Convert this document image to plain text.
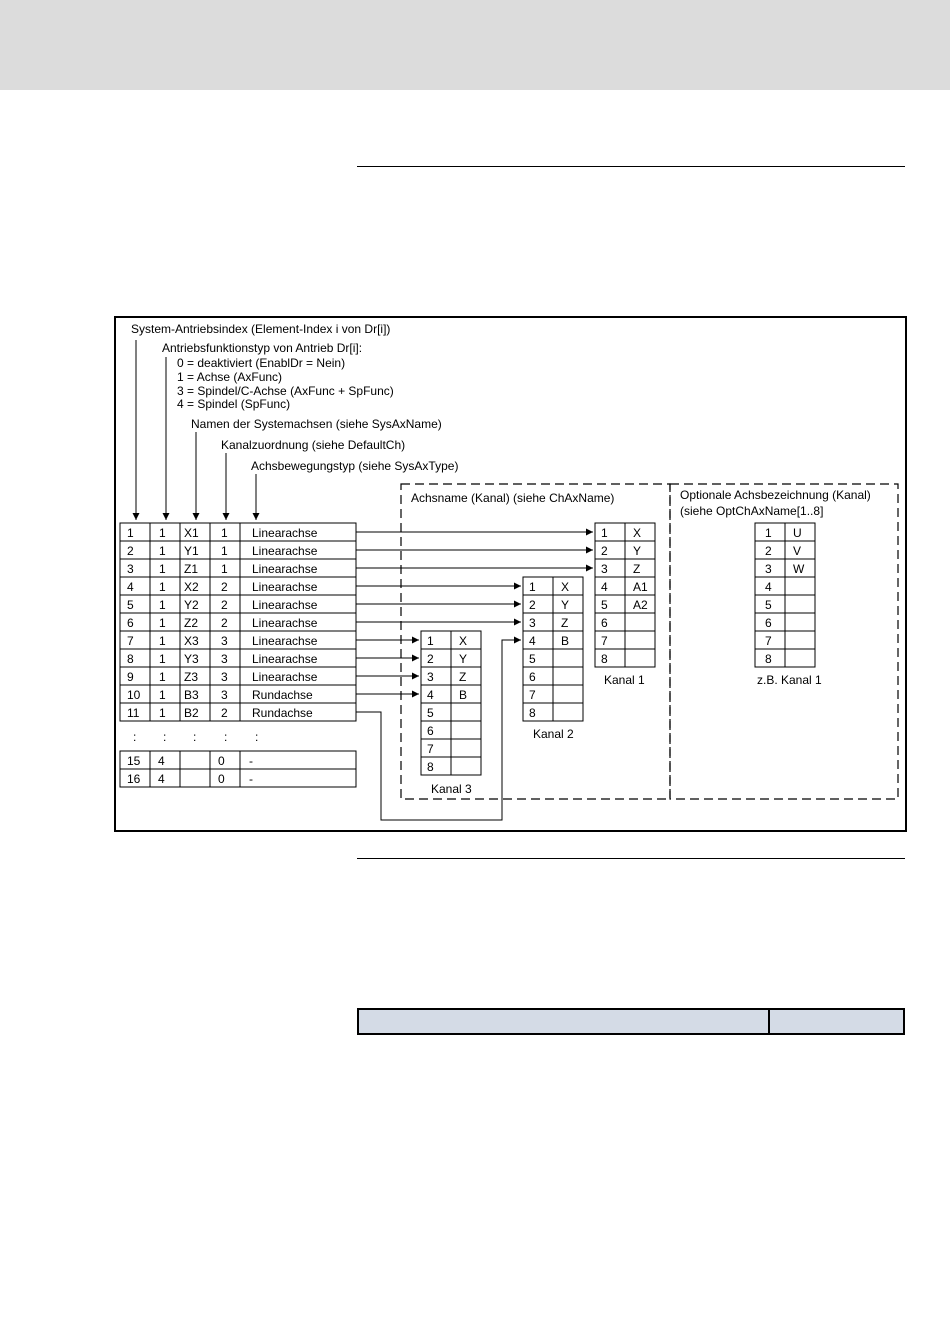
System-Antriebsindex (Element-Index i von Dr[i])
Antriebsfunktionstyp von Antrieb Dr[i]:
0 = deaktiviert (EnablDr = Nein)
1 = Achse (AxFunc)
3 = Spindel/C-Achse (AxFunc + SpFunc)
4 = Spindel (SpFunc)
Namen der Systemachsen (siehe SysAxName)
Kanalzuordnung (siehe DefaultCh)
Achsbewegungstyp (siehe SysAxType)
Achsname (Kanal) (siehe ChAxName)	Optionale Achsbezeichnung (Kanal)
(siehe OptChAxName[1..8]
1 1 X1 1 Linearachse
2 1 Y1 1 Linearachse
3 1 Z1 1 Linearachse
4 1 X2 2 Linearachse
5 1 Y2 2 Linearachse
6 1 Z2 2 Linearachse
7 1 X3 3 Linearachse
8 1 Y3 3 Linearachse
9 1 Z3 3 Linearachse
10 1 B3 3 Rundachse
11 1 B2 2 Rundachse
: : : : :
15 4	0 -
16 4	0 -
1 X
2 Y
3 Z
4 A1
5 A2
6
7
8
1 X
2 Y
3 Z
4 B
5
6
7
8
1 X
2 Y
3 Z
4 B
5
6
7
8
1 U
2 V
3 W
4
5
6
7
8
Kanal 1
Kanal 2
Kanal 3
z.B. Kanal 1
